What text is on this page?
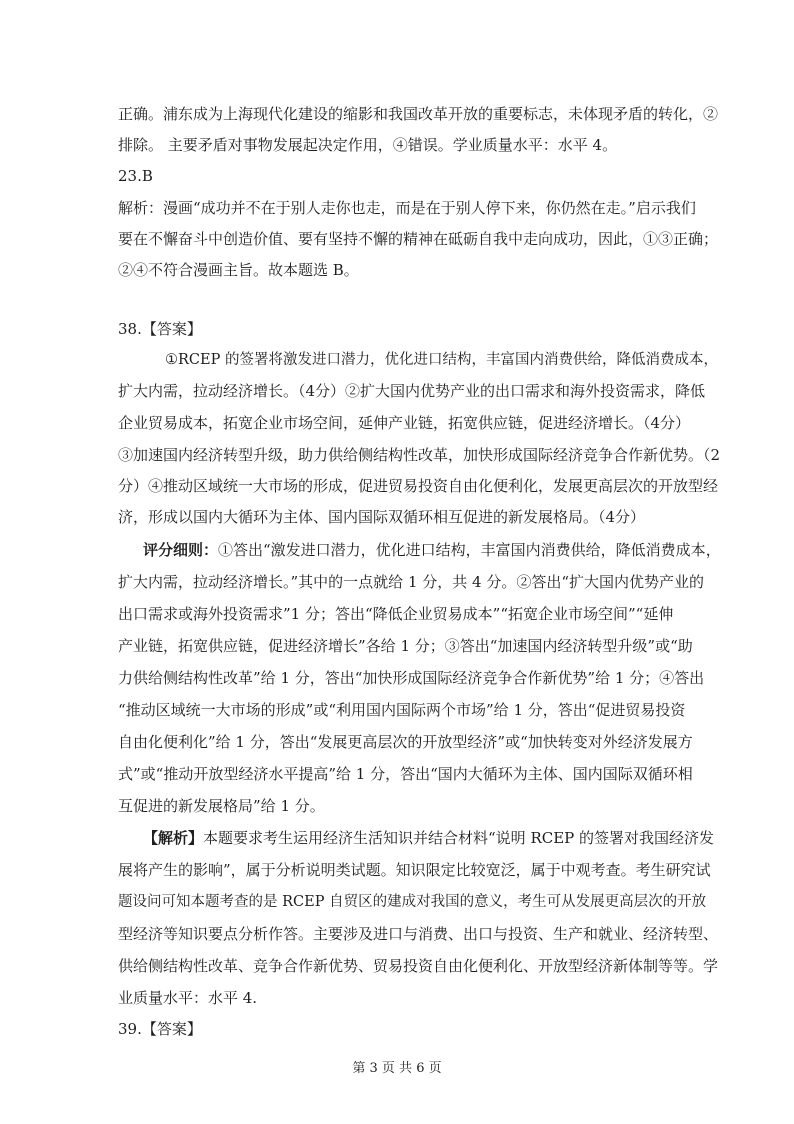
正确。浦东成为上海现代化建设的缩影和我国改革开放的重要标志，未体现矛盾的转化，②
排除。 主要矛盾对事物发展起决定作用，④错误。学业质量水平：水平 4。
23.B
解析：漫画“成功并不在于别人走你也走，而是在于别人停下来，你仍然在走。”启示我们
要在不懈奋斗中创造价值、要有坚持不懈的精神在砥砺自我中走向成功，因此，①③正确；
②④不符合漫画主旨。故本题选 B。
38.【答案】
①RCEP 的签署将激发进口潜力，优化进口结构，丰富国内消费供给，降低消费成本，
扩大内需，拉动经济增长。（4分）②扩大国内优势产业的出口需求和海外投资需求，降低
企业贸易成本，拓宽企业市场空间，延伸产业链，拓宽供应链，促进经济增长。（4分）
③加速国内经济转型升级，助力供给侧结构性改革，加快形成国际经济竞争合作新优势。（2
分）④推动区域统一大市场的形成，促进贸易投资自由化便利化，发展更高层次的开放型经
济，形成以国内大循环为主体、国内国际双循环相互促进的新发展格局。（4分）
评分细则：①答出“激发进口潜力，优化进口结构，丰富国内消费供给，降低消费成本，
扩大内需，拉动经济增长。”其中的一点就给 1 分，共 4 分。②答出“扩大国内优势产业的
出口需求或海外投资需求”1 分；答出“降低企业贸易成本”“拓宽企业市场空间”“延伸
产业链，拓宽供应链，促进经济增长”各给 1 分；③答出“加速国内经济转型升级”或“助
力供给侧结构性改革”给 1 分，答出“加快形成国际经济竞争合作新优势”给 1 分；④答出
“推动区域统一大市场的形成”或“利用国内国际两个市场”给 1 分，答出“促进贸易投资
自由化便利化”给 1 分，答出“发展更高层次的开放型经济”或“加快转变对外经济发展方
式”或“推动开放型经济水平提高”给 1 分，答出“国内大循环为主体、国内国际双循环相
互促进的新发展格局”给 1 分。
【解析】本题要求考生运用经济生活知识并结合材料“说明 RCEP 的签署对我国经济发
展将产生的影响”，属于分析说明类试题。知识限定比较宽泛，属于中观考查。考生研究试
题设问可知本题考查的是 RCEP 自贸区的建成对我国的意义，考生可从发展更高层次的开放
型经济等知识要点分析作答。主要涉及进口与消费、出口与投资、生产和就业、经济转型、
供给侧结构性改革、竞争合作新优势、贸易投资自由化便利化、开放型经济新体制等等。学
业质量水平：水平 4.
39.【答案】
第 3 页 共 6 页
